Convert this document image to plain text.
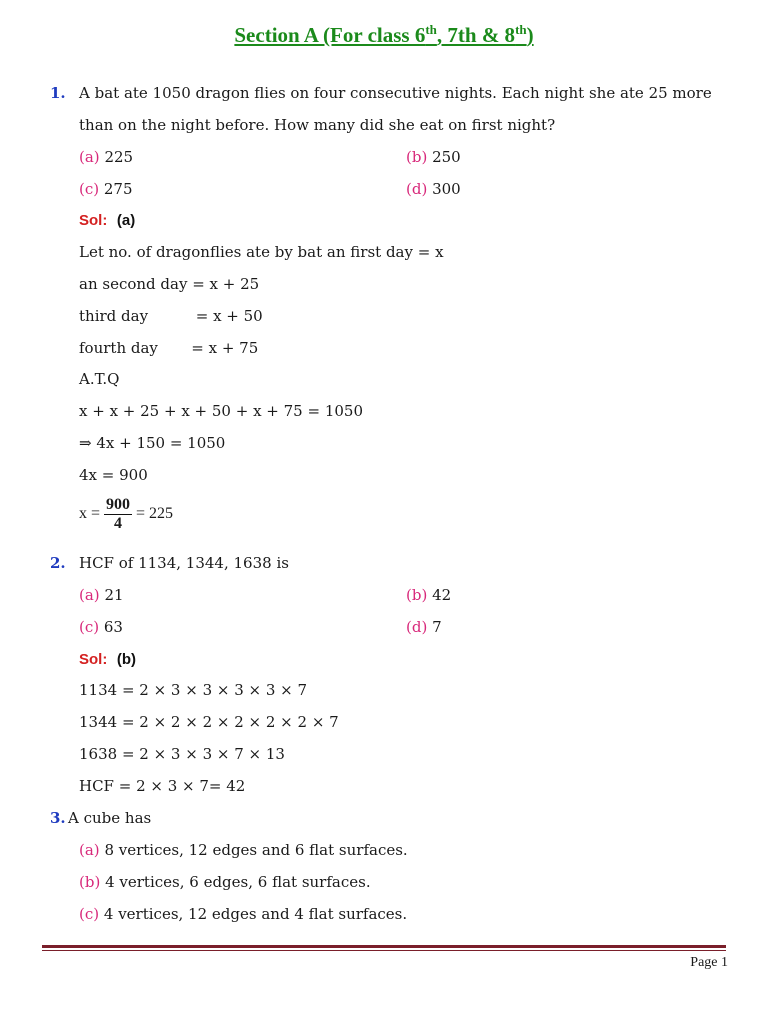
Section A (For class 6th, 7th & 8th)
1. A bat ate 1050 dragon flies on four consecutive nights. Each night she ate 25 more
than on the night before. How many did she eat on first night?
(a) 225	(b) 250
(c) 275	(d) 300
Sol: (a)
Let no. of dragonflies ate by bat an first day = x
an second day = x + 25
third day          = x + 50
fourth day       = x + 75
A.T.Q
x + x + 25 + x + 50 + x + 75 = 1050
⇒ 4x + 150 = 1050
4x = 900
$x = \frac{900}{4} = 225$
2. HCF of 1134, 1344, 1638 is
(a) 21	(b) 42
(c) 63	(d) 7
Sol: (b)
1134 = 2 × 3 × 3 × 3 × 3 × 7
1344 = 2 × 2 × 2 × 2 × 2 × 2 × 7
1638 = 2 × 3 × 3 × 7 × 13
HCF = 2 × 3 × 7= 42
3. A cube has
(a) 8 vertices, 12 edges and 6 flat surfaces.
(b) 4 vertices, 6 edges, 6 flat surfaces.
(c) 4 vertices, 12 edges and 4 flat surfaces.
Page 1
